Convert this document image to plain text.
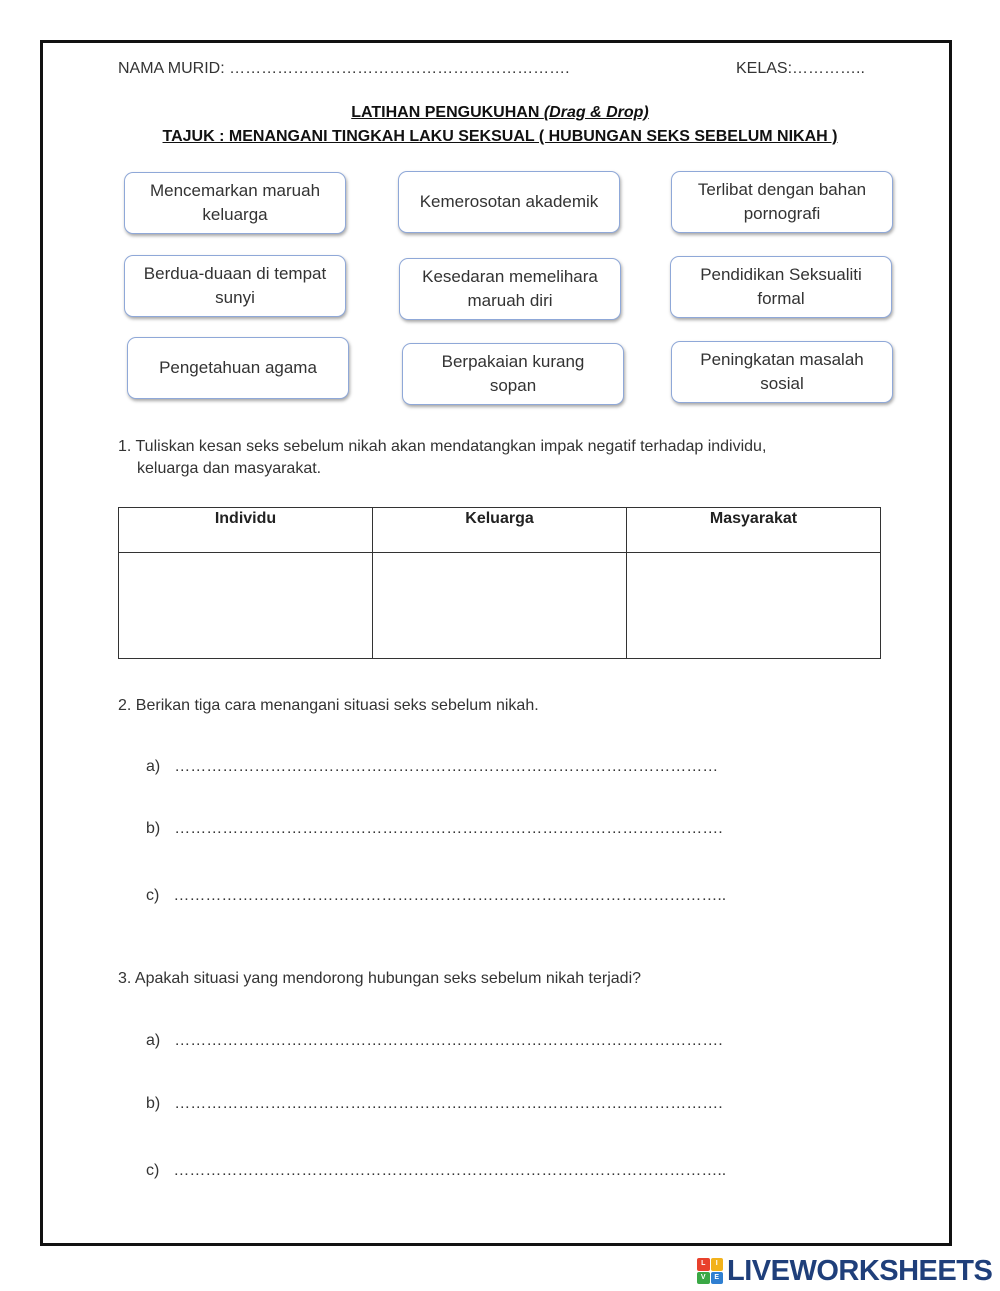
NAMA MURID: ……………………………………………………….	KELAS:…………..
LATIHAN PENGUKUHAN (Drag & Drop)
TAJUK : MENANGANI TINGKAH LAKU SEKSUAL ( HUBUNGAN SEKS SEBELUM NIKAH )
Mencemarkan maruah keluarga
Kemerosotan akademik
Terlibat dengan bahan pornografi
Berdua-duaan di tempat sunyi
Kesedaran memelihara maruah diri
Pendidikan Seksualiti formal
Pengetahuan agama	Berpakaian kurang sopan
Peningkatan masalah sosial
1. Tuliskan kesan seks sebelum nikah akan mendatangkan impak negatif terhadap individu,
keluarga dan masyarakat.
Individu	Keluarga	Masyarakat

2. Berikan tiga cara menangani situasi seks sebelum nikah.
a) …………………………………………………………………………………………
b) ………………………………………………………………………………………….
c) …………………………………………………………………………………………..
3. Apakah situasi yang mendorong hubungan seks sebelum nikah terjadi?
a) ………………………………………………………………………………………….
b) ………………………………………………………………………………………….
c) …………………………………………………………………………………………..
L	I
V	E LIVEWORKSHEETS
